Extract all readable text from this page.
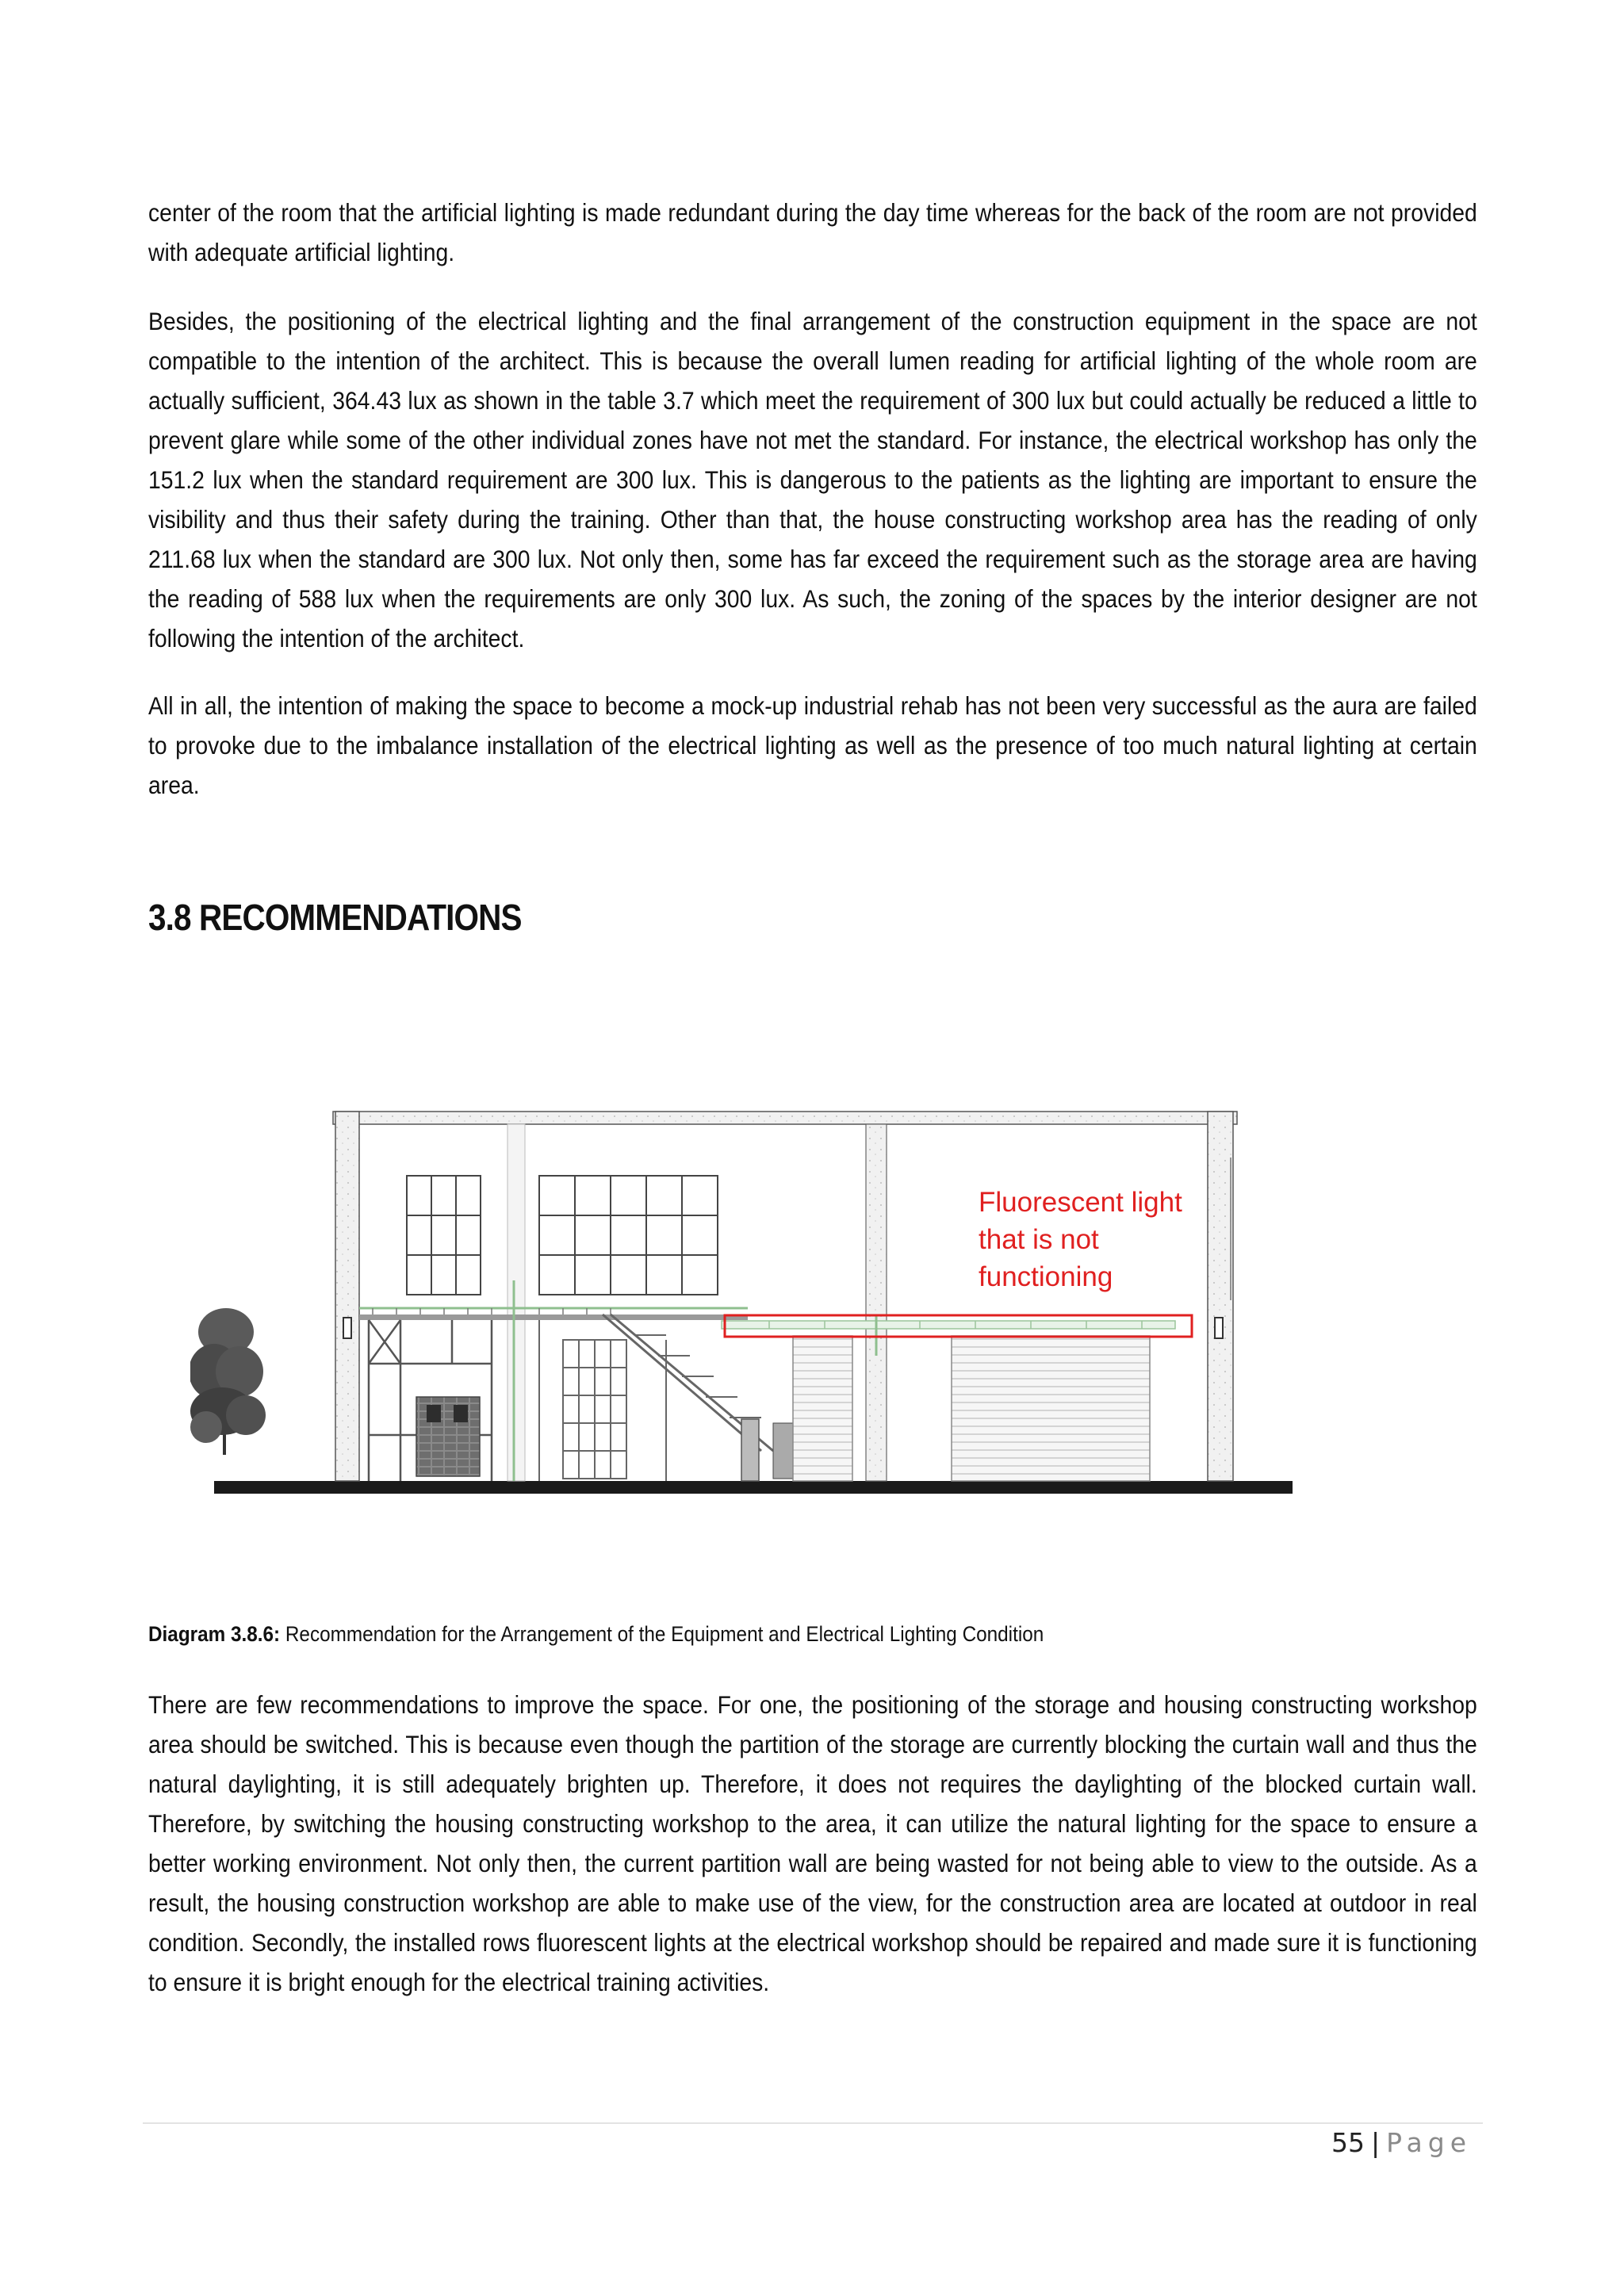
center of the room that the artificial lighting is made redundant during the day time whereas for the back of the room are not provided with adequate artificial lighting.

Besides, the positioning of the electrical lighting and the final arrangement of the construction equipment in the space are not compatible to the intention of the architect. This is because the overall lumen reading for artificial lighting of the whole room are actually sufficient, 364.43 lux as shown in the table 3.7 which meet the requirement of 300 lux but could actually be reduced a little to prevent glare while some of the other individual zones have not met the standard. For instance, the electrical workshop has only the 151.2 lux when the standard requirement are 300 lux. This is dangerous to the patients as the lighting are important to ensure the visibility and thus their safety during the training. Other than that, the house constructing workshop area has the reading of only 211.68 lux when the standard are 300 lux. Not only then, some has far exceed the requirement such as the storage area are having the reading of 588 lux when the requirements are only 300 lux. As such, the zoning of the spaces by the interior designer are not following the intention of the architect.

All in all, the intention of making the space to become a mock-up industrial rehab has not been very successful as the aura are failed to provoke due to the imbalance installation of the electrical lighting as well as the presence of too much natural lighting at certain area.

3.8 RECOMMENDATIONS
Fluorescent light
that is not
functioning

Diagram 3.8.6: Recommendation for the Arrangement of the Equipment and Electrical Lighting Condition

There are few recommendations to improve the space. For one, the positioning of the storage and housing constructing workshop area should be switched. This is because even though the partition of the storage are currently blocking the curtain wall and thus the natural daylighting, it is still adequately brighten up. Therefore, it does not requires the daylighting of the blocked curtain wall. Therefore, by switching the housing constructing workshop to the area, it can utilize the natural lighting for the space to ensure a better working environment. Not only then, the current partition wall are being wasted for not being able to view to the outside. As a result, the housing construction workshop are able to make use of the view, for the construction area are located at outdoor in real condition. Secondly, the installed rows fluorescent lights at the electrical workshop should be repaired and made sure it is functioning to ensure it is bright enough for the electrical training activities.

55 | Page
